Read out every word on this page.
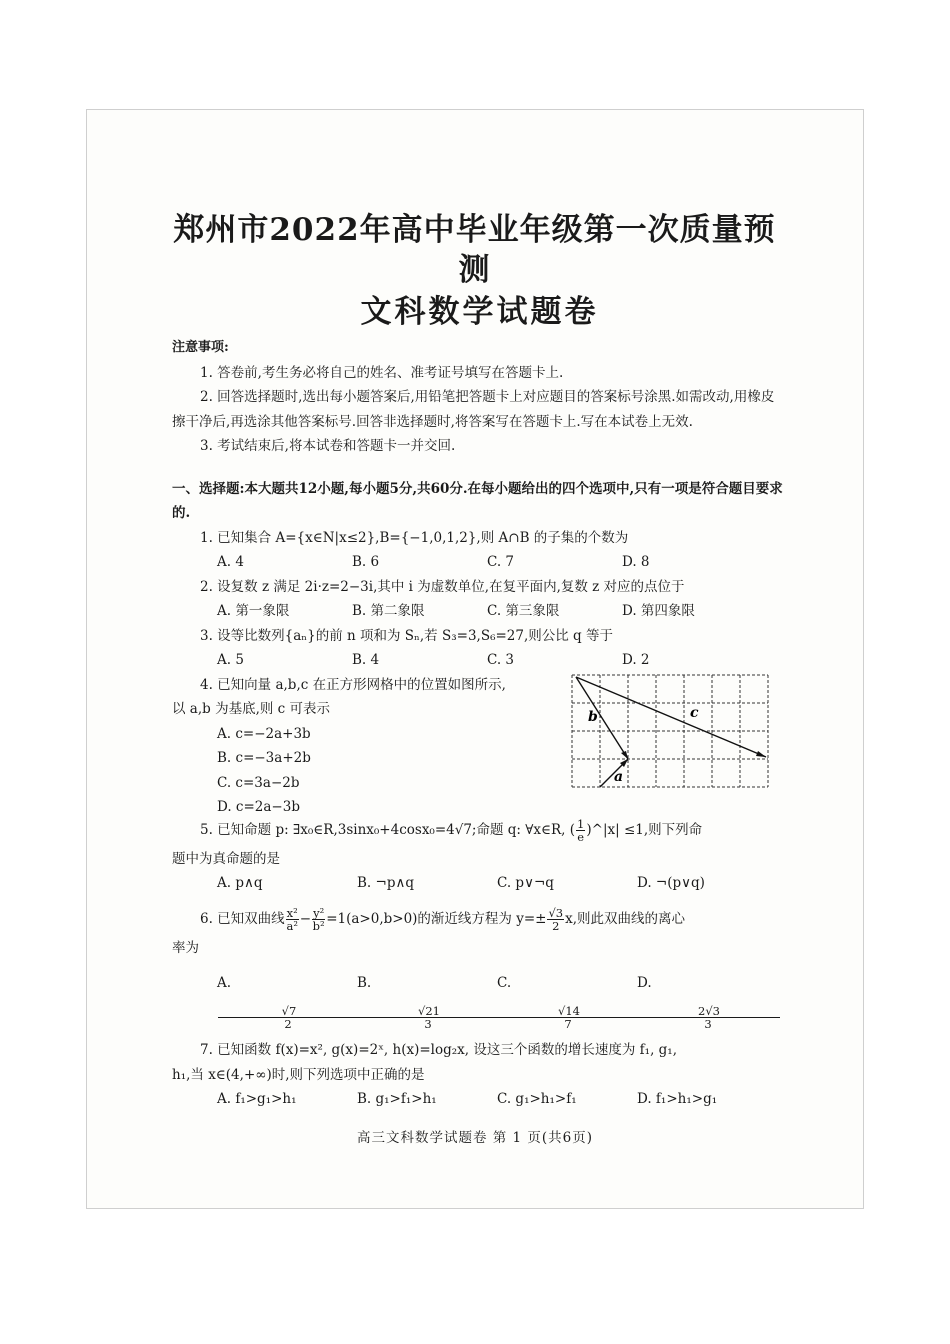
郑州市2022年高中毕业年级第一次质量预测
文科数学试题卷
注意事项:

1. 答卷前,考生务必将自己的姓名、准考证号填写在答题卡上.

2. 回答选择题时,选出每小题答案后,用铅笔把答题卡上对应题目的答案标号涂黑.如需改动,用橡皮擦干净后,再选涂其他答案标号.回答非选择题时,将答案写在答题卡上.写在本试卷上无效.

3. 考试结束后,将本试卷和答题卡一并交回.

一、选择题:本大题共12小题,每小题5分,共60分.在每小题给出的四个选项中,只有一项是符合题目要求的.

1. 已知集合 A={x∈N|x≤2},B={−1,0,1,2},则 A∩B 的子集的个数为

A. 4	B. 6	C. 7	D. 8

2. 设复数 z 满足 2i·z=2−3i,其中 i 为虚数单位,在复平面内,复数 z 对应的点位于

A. 第一象限	B. 第二象限	C. 第三象限	D. 第四象限

3. 设等比数列{aₙ}的前 n 项和为 Sₙ,若 S₃=3,S₆=27,则公比 q 等于

A. 5	B. 4	C. 3	D. 2

4. 已知向量 a,b,c 在正方形网格中的位置如图所示,

以 a,b 为基底,则 c 可表示

A. c=−2a+3b

B. c=−3a+2b

C. c=3a−2b

D. c=2a−3b

b	c
a

5. 已知命题 p: ∃x₀∈R,3sinx₀+4cosx₀=4√7;命题 q: ∀x∈R, ( $\frac{1}{e}$ )^|x| ≤1,则下列命

题中为真命题的是

A. p∧q	B. ¬p∧q	C. p∨¬q	D. ¬(p∨q)

6. 已知双曲线 $\frac{\text{x²}}{\text{a²}} - \frac{\text{y²}}{\text{b²}} =1(a>0,b>0)$的渐近线方程为 $y=\pm \frac{√3}{2} x$,则此双曲线的离心

率为

$A.\frac{√7}{2}$
$B.\frac{√21}{3}$
$C.\frac{√14}{7}$
$D.\frac{2√3}{3}$

7. 已知函数 f(x)=x², g(x)=2ˣ, h(x)=log₂x, 设这三个函数的增长速度为 f₁, g₁,

h₁,当 x∈(4,+∞)时,则下列选项中正确的是

A. f₁>g₁>h₁	B. g₁>f₁>h₁	C. g₁>h₁>f₁	D. f₁>h₁>g₁
高三文科数学试题卷 第 1 页(共6页)
